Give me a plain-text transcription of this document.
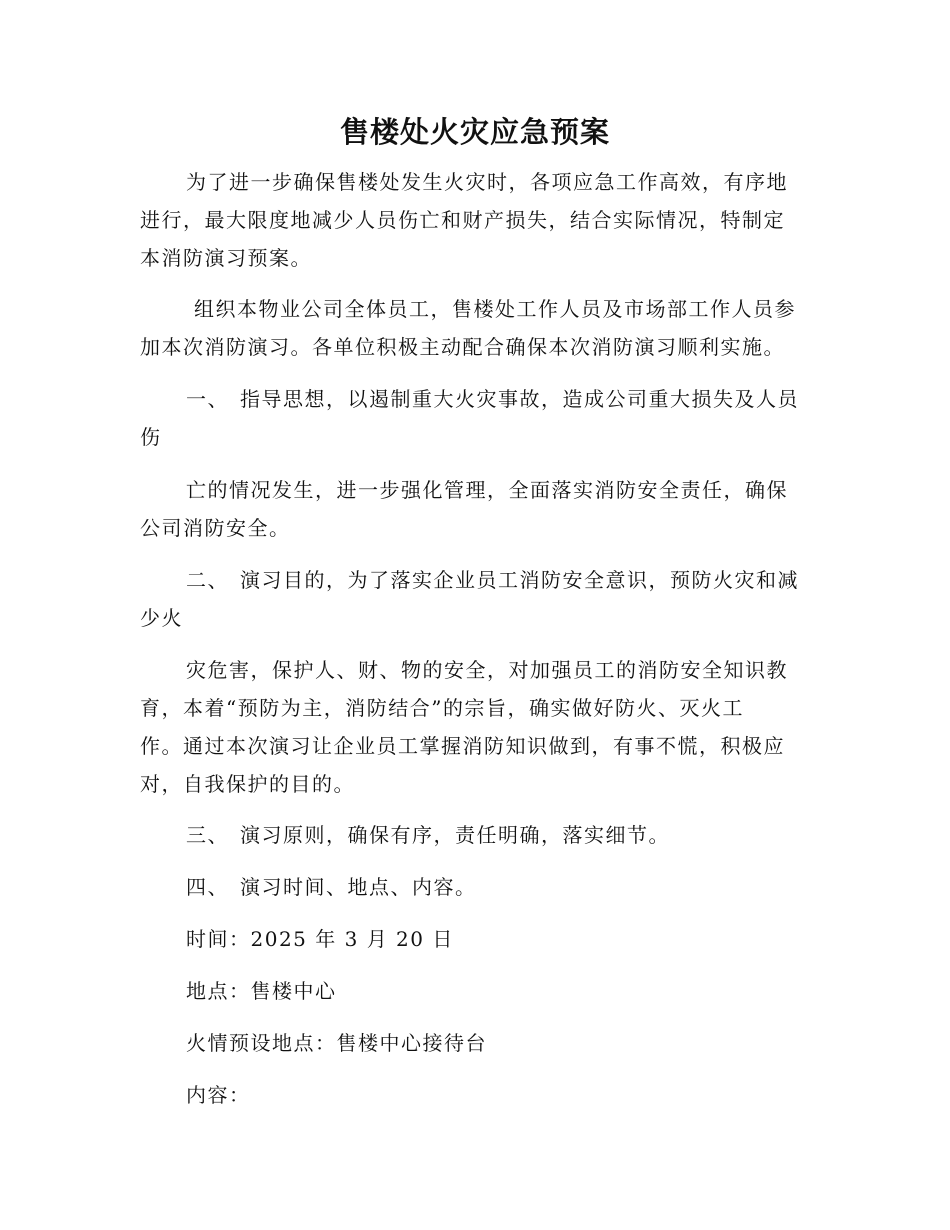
售楼处火灾应急预案
为了进一步确保售楼处发生火灾时，各项应急工作高效，有序地
进行，最大限度地减少人员伤亡和财产损失，结合实际情况，特制定
本消防演习预案。
组织本物业公司全体员工，售楼处工作人员及市场部工作人员参
加本次消防演习。各单位积极主动配合确保本次消防演习顺利实施。
一、 指导思想，以遏制重大火灾事故，造成公司重大损失及人员
伤
亡的情况发生，进一步强化管理，全面落实消防安全责任，确保
公司消防安全。
二、 演习目的，为了落实企业员工消防安全意识，预防火灾和减
少火
灾危害，保护人、财、物的安全，对加强员工的消防安全知识教
育，本着“预防为主，消防结合”的宗旨，确实做好防火、灭火工
作。通过本次演习让企业员工掌握消防知识做到，有事不慌，积极应
对，自我保护的目的。
三、 演习原则，确保有序，责任明确，落实细节。
四、 演习时间、地点、内容。
时间：2025 年 3 月 20 日
地点：售楼中心
火情预设地点：售楼中心接待台
内容：
